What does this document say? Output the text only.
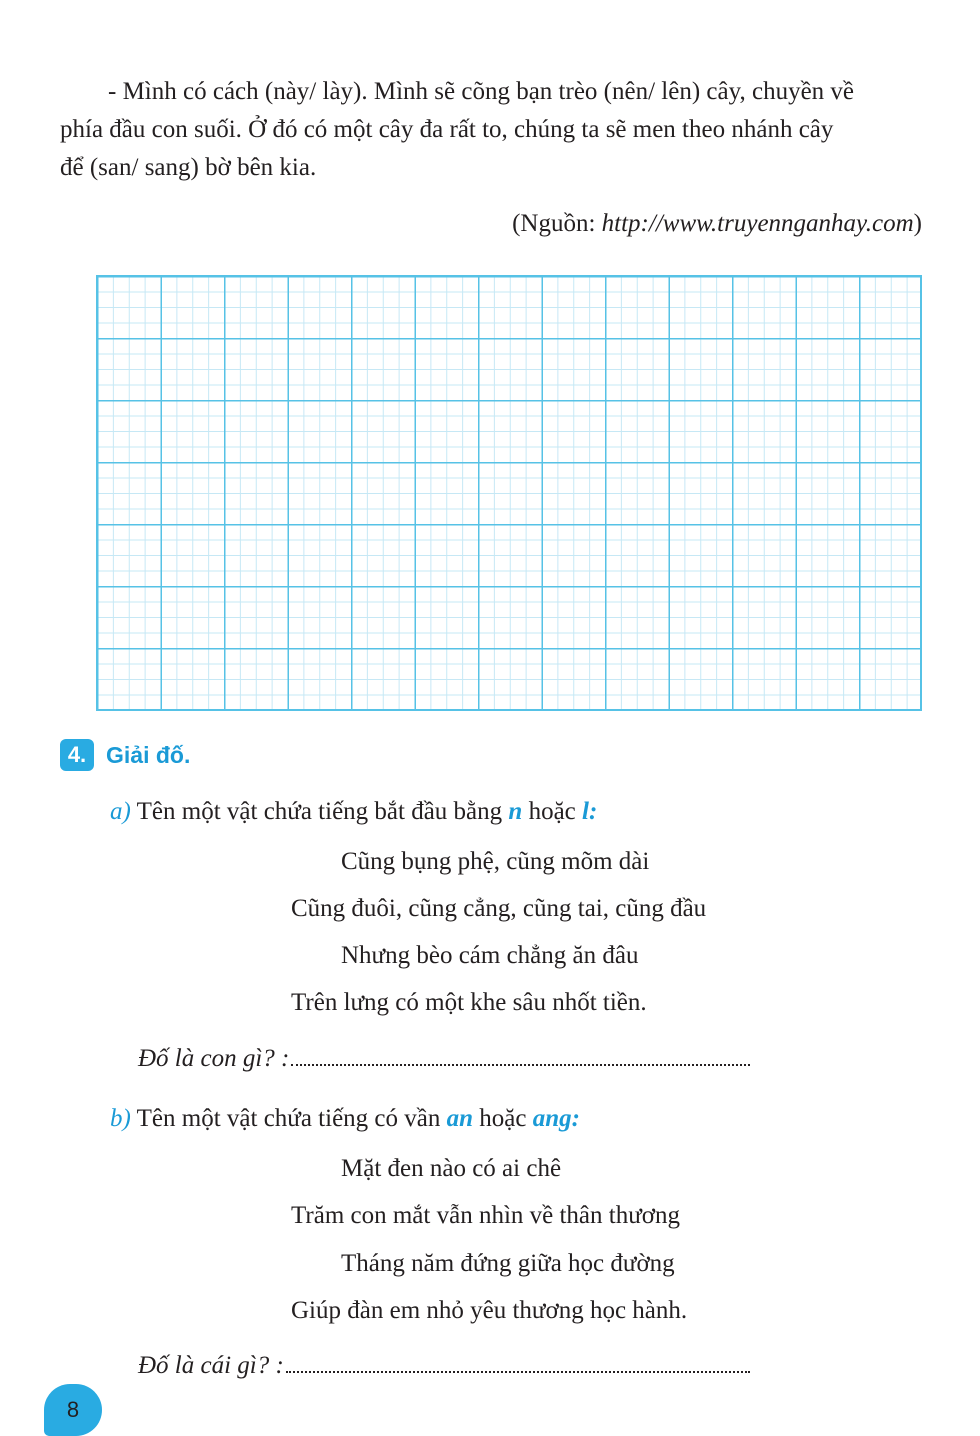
- Mình có cách (này/ lày). Mình sẽ cõng bạn trèo (nên/ lên) cây, chuyền về
phía đầu con suối. Ở đó có một cây đa rất to, chúng ta sẽ men theo nhánh cây
để (san/ sang) bờ bên kia.

(Nguồn: http://www.truyennganhay.com)
4. Giải đố.
a) Tên một vật chứa tiếng bắt đầu bằng n hoặc l:
Cũng bụng phệ, cũng mõm dài
Cũng đuôi, cũng cẳng, cũng tai, cũng đầu
Nhưng bèo cám chẳng ăn đâu
Trên lưng có một khe sâu nhốt tiền.
Đố là con gì? :
b) Tên một vật chứa tiếng có vần an hoặc ang:
Mặt đen nào có ai chê
Trăm con mắt vẫn nhìn về thân thương
Tháng năm đứng giữa học đường
Giúp đàn em nhỏ yêu thương học hành.
Đố là cái gì? :
8
